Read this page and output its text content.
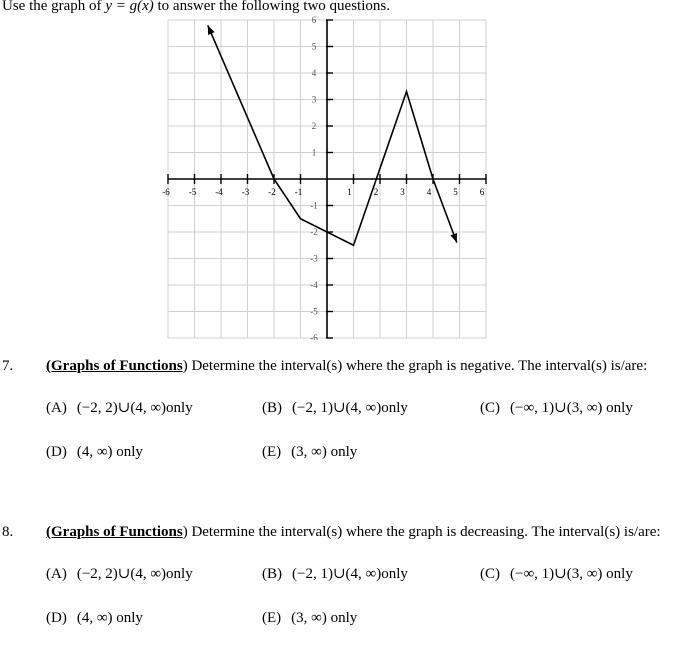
Use the graph of y = g(x) to answer the following two questions.
-6 -5 -4 -3 -2 -1	1 2 3 4 5 6
6
5
4
3
2
1
-1
-2
-3
-4
-5
-6
7. (Graphs of Functions) Determine the interval(s) where the graph is negative. The interval(s) is/are:
(A) (−2, 2)∪(4, ∞)only	(B) (−2, 1)∪(4, ∞)only	(C) (−∞, 1)∪(3, ∞) only
(D) (4, ∞) only	(E) (3, ∞) only
8. (Graphs of Functions) Determine the interval(s) where the graph is decreasing. The interval(s) is/are:
(A) (−2, 2)∪(4, ∞)only	(B) (−2, 1)∪(4, ∞)only	(C) (−∞, 1)∪(3, ∞) only
(D) (4, ∞) only	(E) (3, ∞) only
